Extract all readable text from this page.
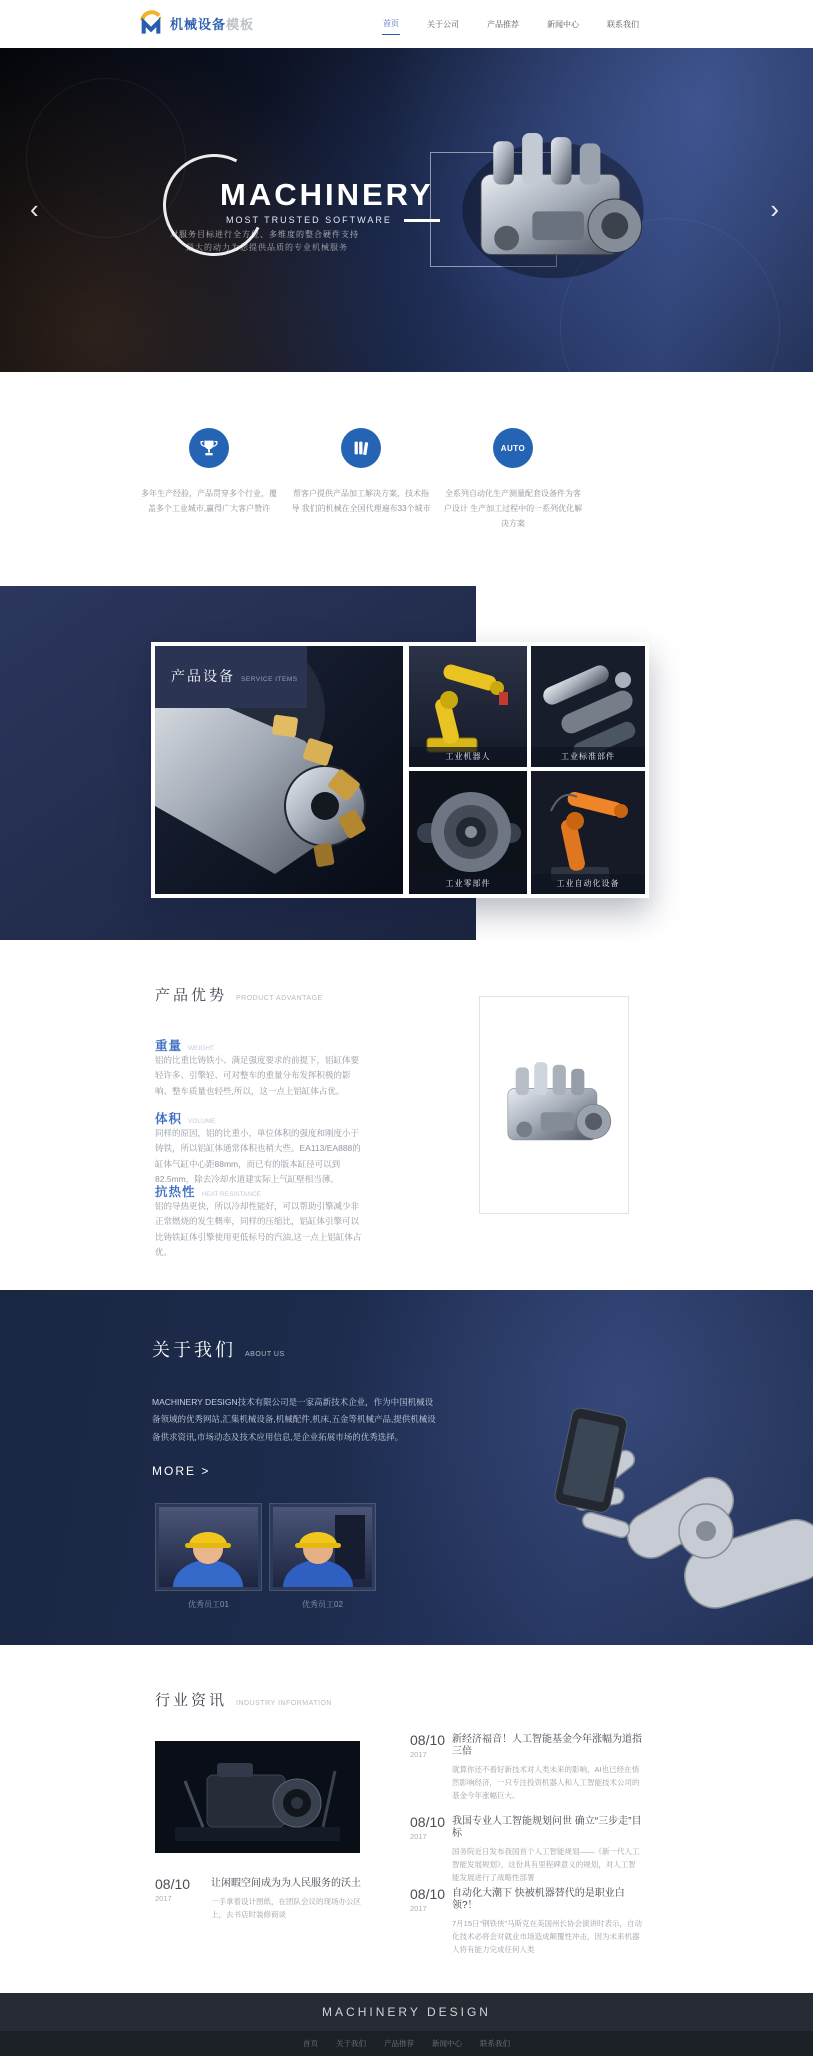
机械设备 模板	首页	关于公司	产品推荐	新闻中心	联系我们
‹	›
MACHINERY
MOST TRUSTED SOFTWARE
对服务目标进行全方位、多维度的整合硬件支持
最大的动力为您提供品质的专业机械服务
多年生产经验，产品贯穿多个行业，覆盖多个工业城市,赢得广大客户赞许
帮客户提供产品加工解决方案，技术指导 我们的机械在全国代理遍布33个城市
AUTO
全系列自动化生产测量配套设备件为客户设计 生产加工过程中的一系列优化解决方案
产品设备 SERVICE ITEMS
工业机器人	工业标准部件
工业零部件	工业自动化设备
产品优势 PRODUCT ADVANTAGE
重量 WEIGHT
铝的比重比铸铁小、满足强度要求的前提下，铝缸体要轻许多、引擎轻、可对整车的重量分布发挥积极的影响、整车质量也轻些,所以，这一点上铝缸体占优。
体积 VOLUME
同样的原因，铝的比重小，单位体积的强度和刚度小于铸铁，所以铝缸体通常体积也稍大些。EA113/EA888的缸体气缸中心距88mm，而已有的版本缸径可以到82.5mm，除去冷却水道建实际上气缸壁相当薄。
抗热性 HEAT RESISTANCE
铝的导热更快，所以冷却性能好，可以帮助引擎减少非正常燃烧的发生概率，同样的压缩比，铝缸体引擎可以比铸铁缸体引擎使用更低标号的汽油,这一点上铝缸体占优。
关于我们 ABOUT US
MACHINERY DESIGN技术有限公司是一家高新技术企业，作为中国机械设备领域的优秀网站,汇集机械设备,机械配件,机床,五金等机械产品,提供机械设备供求资讯,市场动态及技术应用信息,是企业拓展市场的优秀选择。
MORE >
优秀员工01	优秀员工02
行业资讯 INDUSTRY INFORMATION
08/10
2017
让闲暇空间成为为人民服务的沃土
一手拿着设计图纸，在团队会议的现场办公区上，去书店时装修商谈
08/10
2017
新经济福音！人工智能基金今年涨幅为道指三倍
就算你还不看好新技术对人类未来的影响，AI也已经在悄然影响经济，一只专注投资机器人和人工智能技术公司的基金今年涨幅巨大。
08/10
2017
我国专业人工智能规划问世 确立“三步走”目标
国务院近日发布我国首个人工智能规划——《新一代人工智能发展规划》，这份具有里程碑意义的规划，对人工智能发展进行了战略性部署
08/10
2017
自动化大潮下 快被机器替代的是职业白领?！
7月15日“钢铁侠”马斯克在美国州长协会演讲时表示，自动化技术必将会对就业市场造成颠覆性冲击，因为未来机器人将有能力完成任何人类
MACHINERY DESIGN
首页 关于我们 产品推荐 新闻中心 联系我们
